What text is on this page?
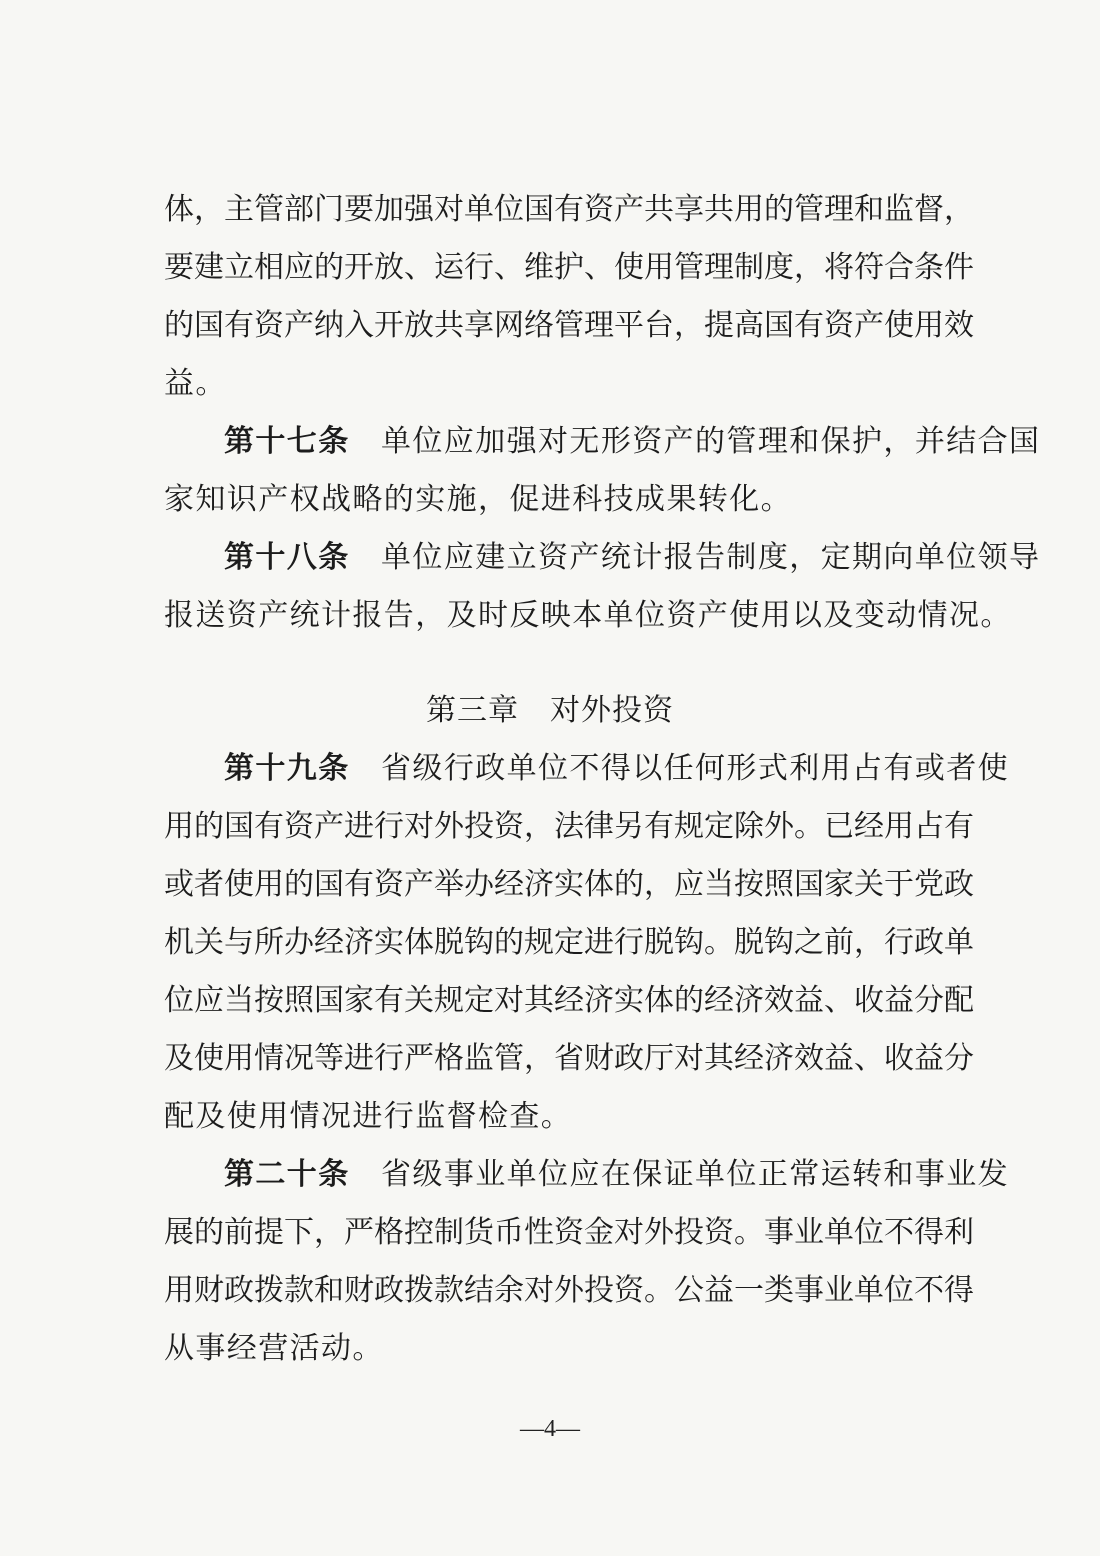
体，主管部门要加强对单位国有资产共享共用的管理和监督，
要建立相应的开放、运行、维护、使用管理制度，将符合条件
的国有资产纳入开放共享网络管理平台，提高国有资产使用效
益。
第十七条　 单位应加强对无形资产的管理和保护，并结合国
家知识产权战略的实施，促进科技成果转化。
第十八条　 单位应建立资产统计报告制度，定期向单位领导
报送资产统计报告，及时反映本单位资产使用以及变动情况。
第三章　 对外投资
第十九条　 省级行政单位不得以任何形式利用占有或者使
用的国有资产进行对外投资，法律另有规定除外。已经用占有
或者使用的国有资产举办经济实体的，应当按照国家关于党政
机关与所办经济实体脱钩的规定进行脱钩。脱钩之前，行政单
位应当按照国家有关规定对其经济实体的经济效益、收益分配
及使用情况等进行严格监管，省财政厅对其经济效益、收益分
配及使用情况进行监督检查。
第二十条　 省级事业单位应在保证单位正常运转和事业发
展的前提下，严格控制货币性资金对外投资。事业单位不得利
用财政拨款和财政拨款结余对外投资。公益一类事业单位不得
从事经营活动。
—4—
